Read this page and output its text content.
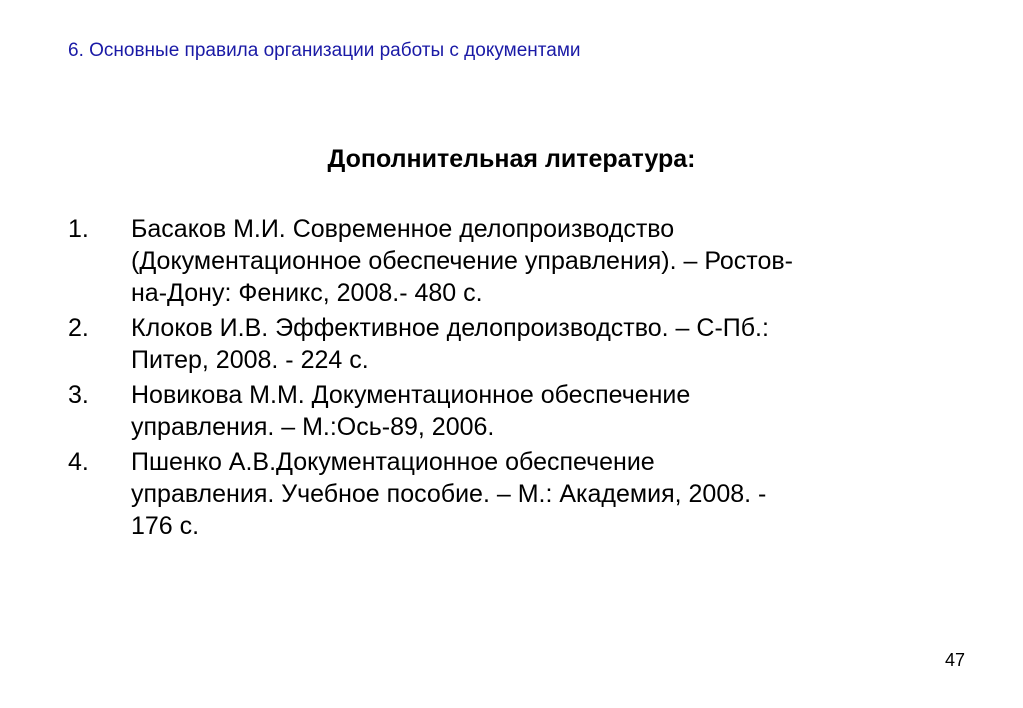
6. Основные правила организации работы с документами
Дополнительная литература:
1.	Басаков М.И. Современное делопроизводство
(Документационное обеспечение управления). – Ростов-
на-Дону: Феникс, 2008.- 480 с.
2.	Клоков И.В. Эффективное делопроизводство. – С-Пб.:
Питер, 2008. - 224 с.
3.	Новикова М.М. Документационное обеспечение
управления. – М.:Ось-89, 2006.
4.	Пшенко А.В.Документационное обеспечение
управления. Учебное пособие. – М.: Академия, 2008. -
176 с.
47
